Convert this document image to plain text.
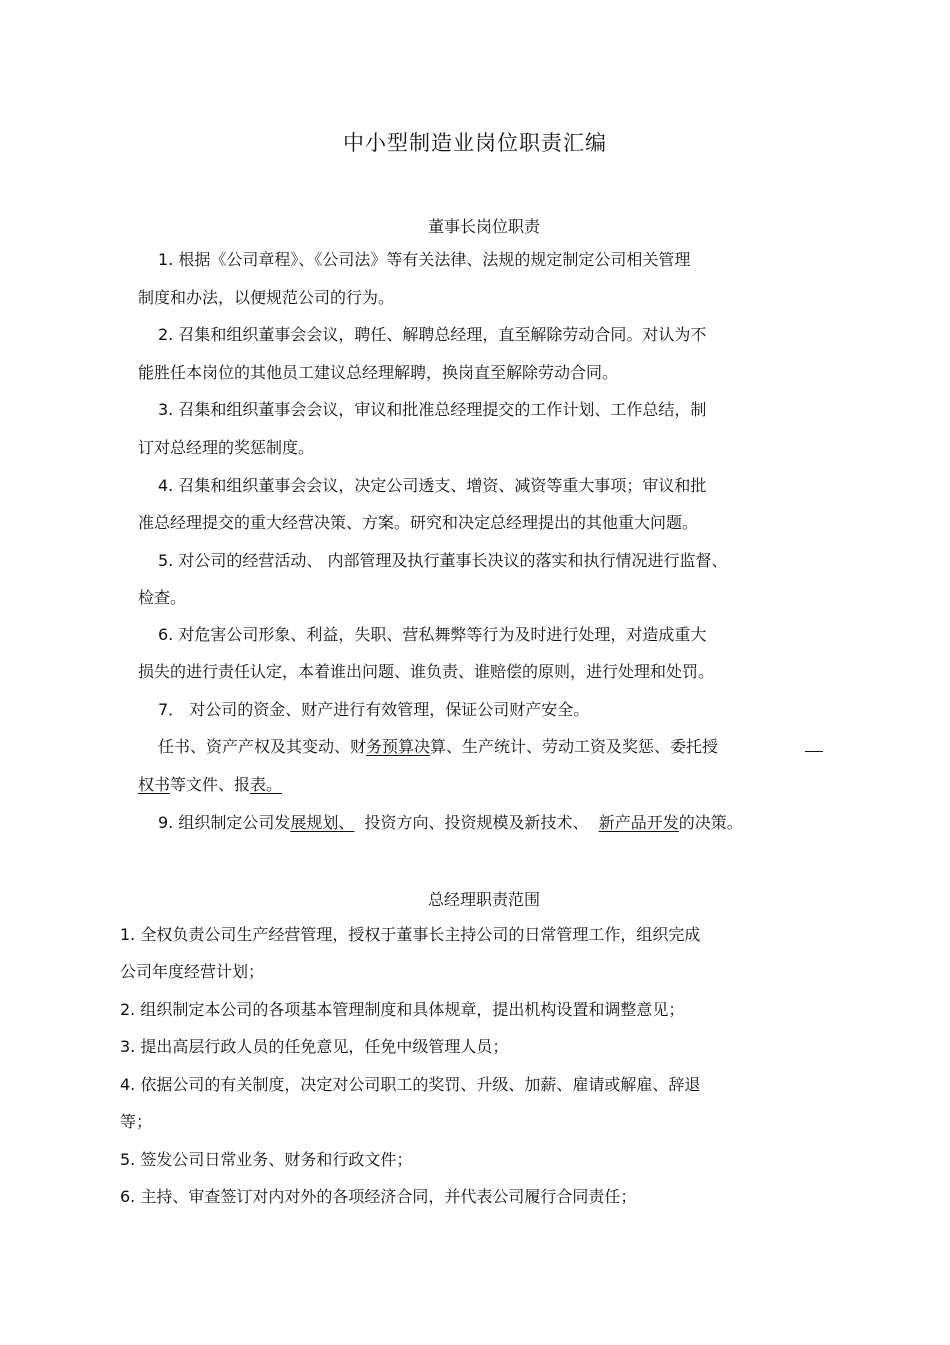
中小型制造业岗位职责汇编
董事长岗位职责
1. 根据《公司章程》、《公司法》等有关法律、法规的规定制定公司相关管理
制度和办法，以便规范公司的行为。
2. 召集和组织董事会会议，聘任、解聘总经理，直至解除劳动合同。对认为不
能胜任本岗位的其他员工建议总经理解聘，换岗直至解除劳动合同。
3. 召集和组织董事会会议，审议和批准总经理提交的工作计划、工作总结，制
订对总经理的奖惩制度。
4. 召集和组织董事会会议，决定公司透支、增资、减资等重大事项；审议和批
准总经理提交的重大经营决策、方案。研究和决定总经理提出的其他重大问题。
5. 对公司的经营活动、 内部管理及执行董事长决议的落实和执行情况进行监督、
检查。
6. 对危害公司形象、利益，失职、营私舞弊等行为及时进行处理，对造成重大
损失的进行责任认定，本着谁出问题、谁负责、谁赔偿的原则，进行处理和处罚。
7． 对公司的资金、财产进行有效管理，保证公司财产安全。
任书、资产产权及其变动、财务预算决算、生产统计、劳动工资及奖惩、委托授
权书等文件、报表。
9. 组织制定公司发展规划、  投资方向、投资规模及新技术、  新产品开发的决策。
总经理职责范围
1. 全权负责公司生产经营管理，授权于董事长主持公司的日常管理工作，组织完成
公司年度经营计划；
2. 组织制定本公司的各项基本管理制度和具体规章，提出机构设置和调整意见；
3. 提出高层行政人员的任免意见，任免中级管理人员；
4. 依据公司的有关制度，决定对公司职工的奖罚、升级、加薪、雇请或解雇、辞退
等；
5. 签发公司日常业务、财务和行政文件；
6. 主持、审查签订对内对外的各项经济合同，并代表公司履行合同责任；
